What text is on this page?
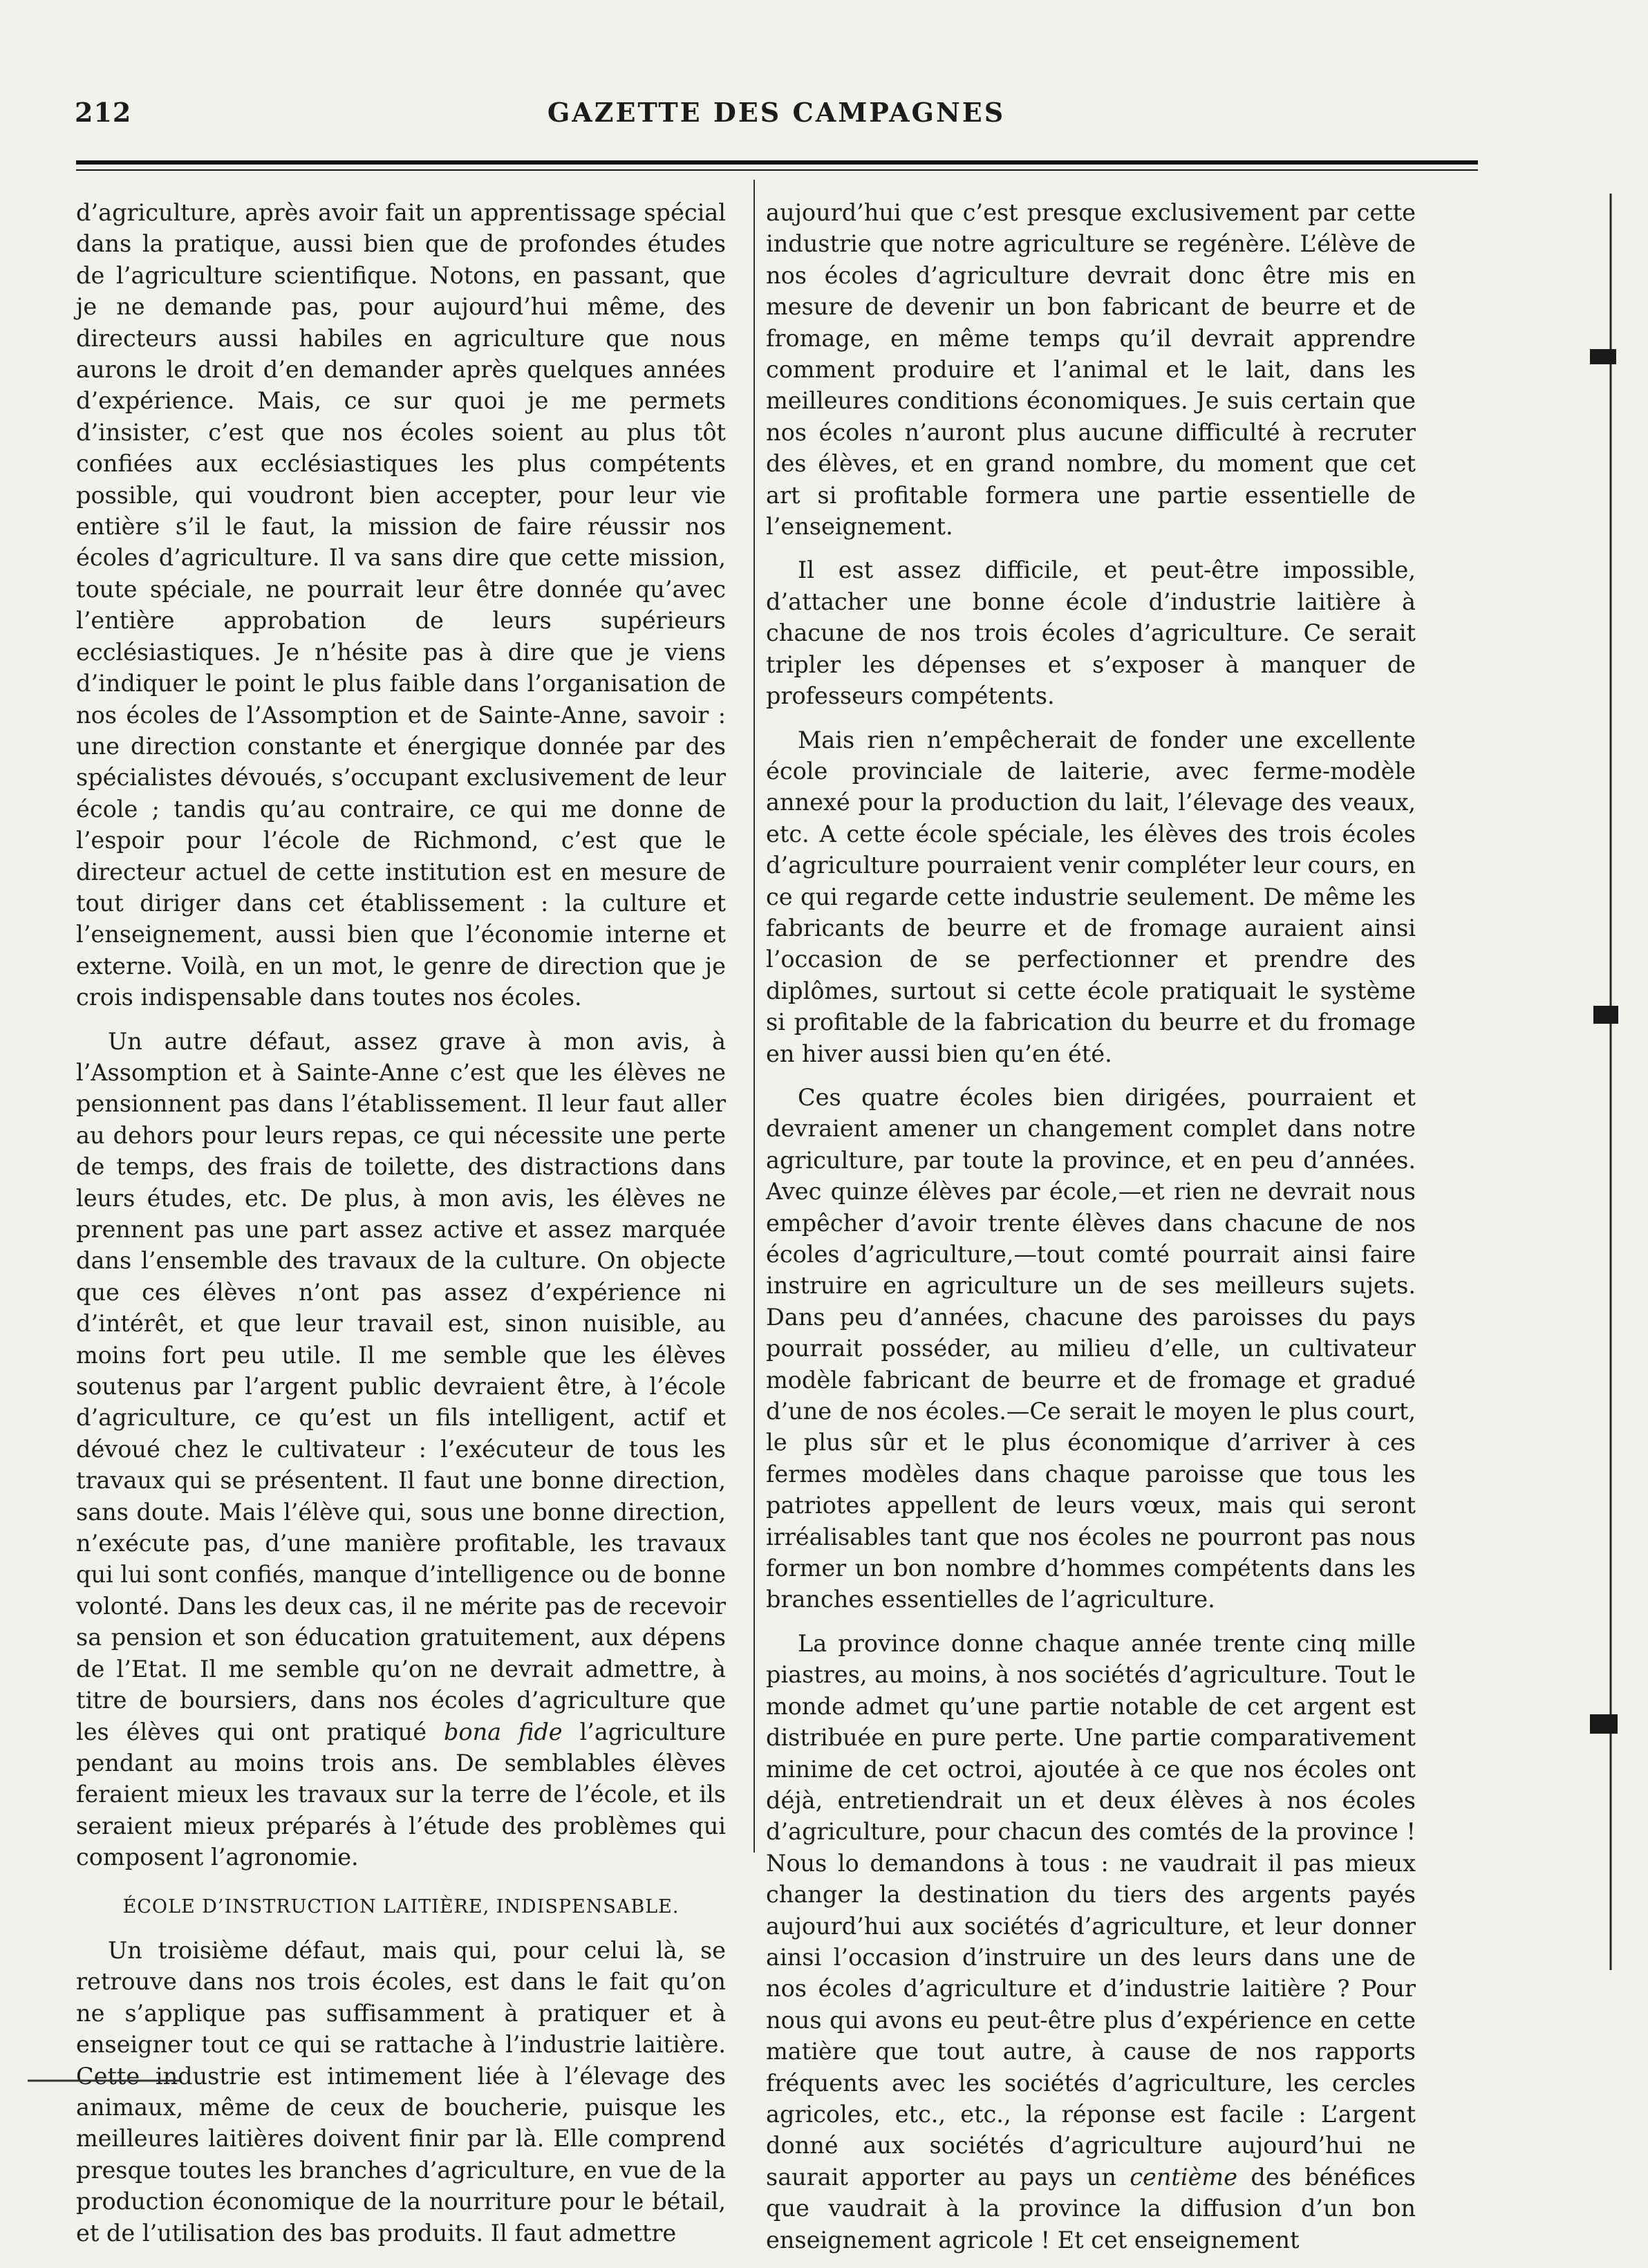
212	GAZETTE DES CAMPAGNES

d’agriculture, après avoir fait un apprentissage spécial dans la pratique, aussi bien que de profondes études de l’agriculture scientifique. Notons, en passant, que je ne demande pas, pour aujourd’hui même, des directeurs aussi habiles en agriculture que nous aurons le droit d’en demander après quelques années d’expérience. Mais, ce sur quoi je me permets d’insister, c’est que nos écoles soient au plus tôt confiées aux ecclésiastiques les plus compétents possible, qui voudront bien accepter, pour leur vie entière s’il le faut, la mission de faire réussir nos écoles d’agriculture. Il va sans dire que cette mission, toute spéciale, ne pourrait leur être donnée qu’avec l’entière approbation de leurs supérieurs ecclésiastiques. Je n’hésite pas à dire que je viens d’indiquer le point le plus faible dans l’organisation de nos écoles de l’Assomption et de Sainte-Anne, savoir : une direction constante et énergique donnée par des spécialistes dévoués, s’occupant exclusivement de leur école ; tandis qu’au contraire, ce qui me donne de l’espoir pour l’école de Richmond, c’est que le directeur actuel de cette institution est en mesure de tout diriger dans cet établissement : la culture et l’enseignement, aussi bien que l’économie interne et externe. Voilà, en un mot, le genre de direction que je crois indispensable dans toutes nos écoles.

Un autre défaut, assez grave à mon avis, à l’Assomption et à Sainte-Anne c’est que les élèves ne pensionnent pas dans l’établissement. Il leur faut aller au dehors pour leurs repas, ce qui nécessite une perte de temps, des frais de toilette, des distractions dans leurs études, etc. De plus, à mon avis, les élèves ne prennent pas une part assez active et assez marquée dans l’ensemble des travaux de la culture. On objecte que ces élèves n’ont pas assez d’expérience ni d’intérêt, et que leur travail est, sinon nuisible, au moins fort peu utile. Il me semble que les élèves soutenus par l’argent public devraient être, à l’école d’agriculture, ce qu’est un fils intelligent, actif et dévoué chez le cultivateur : l’exécuteur de tous les travaux qui se présentent. Il faut une bonne direction, sans doute. Mais l’élève qui, sous une bonne direction, n’exécute pas, d’une manière profitable, les travaux qui lui sont confiés, manque d’intelligence ou de bonne volonté. Dans les deux cas, il ne mérite pas de recevoir sa pension et son éducation gratuitement, aux dépens de l’Etat. Il me semble qu’on ne devrait admettre, à titre de boursiers, dans nos écoles d’agriculture que les élèves qui ont pratiqué bona fide l’agriculture pendant au moins trois ans. De semblables élèves feraient mieux les travaux sur la terre de l’école, et ils seraient mieux préparés à l’étude des problèmes qui composent l’agronomie.

ÉCOLE D’INSTRUCTION LAITIÈRE, INDISPENSABLE.

Un troisième défaut, mais qui, pour celui là, se retrouve dans nos trois écoles, est dans le fait qu’on ne s’applique pas suffisamment à pratiquer et à enseigner tout ce qui se rattache à l’industrie laitière. Cette industrie est intimement liée à l’élevage des animaux, même de ceux de boucherie, puisque les meilleures laitières doivent finir par là. Elle comprend presque toutes les branches d’agriculture, en vue de la production économique de la nourriture pour le bétail, et de l’utilisation des bas produits. Il faut admettre

aujourd’hui que c’est presque exclusivement par cette industrie que notre agriculture se regénère. L’élève de nos écoles d’agriculture devrait donc être mis en mesure de devenir un bon fabricant de beurre et de fromage, en même temps qu’il devrait apprendre comment produire et l’animal et le lait, dans les meilleures conditions économiques. Je suis certain que nos écoles n’auront plus aucune difficulté à recruter des élèves, et en grand nombre, du moment que cet art si profitable formera une partie essentielle de l’enseignement.

Il est assez difficile, et peut-être impossible, d’attacher une bonne école d’industrie laitière à chacune de nos trois écoles d’agriculture. Ce serait tripler les dépenses et s’exposer à manquer de professeurs compétents.

Mais rien n’empêcherait de fonder une excellente école provinciale de laiterie, avec ferme-modèle annexé pour la production du lait, l’élevage des veaux, etc. A cette école spéciale, les élèves des trois écoles d’agriculture pourraient venir compléter leur cours, en ce qui regarde cette industrie seulement. De même les fabricants de beurre et de fromage auraient ainsi l’occasion de se perfectionner et prendre des diplômes, surtout si cette école pratiquait le système si profitable de la fabrication du beurre et du fromage en hiver aussi bien qu’en été.

Ces quatre écoles bien dirigées, pourraient et devraient amener un changement complet dans notre agriculture, par toute la province, et en peu d’années. Avec quinze élèves par école,—et rien ne devrait nous empêcher d’avoir trente élèves dans chacune de nos écoles d’agriculture,—tout comté pourrait ainsi faire instruire en agriculture un de ses meilleurs sujets. Dans peu d’années, chacune des paroisses du pays pourrait posséder, au milieu d’elle, un cultivateur modèle fabricant de beurre et de fromage et gradué d’une de nos écoles.—Ce serait le moyen le plus court, le plus sûr et le plus économique d’arriver à ces fermes modèles dans chaque paroisse que tous les patriotes appellent de leurs vœux, mais qui seront irréalisables tant que nos écoles ne pourront pas nous former un bon nombre d’hommes compétents dans les branches essentielles de l’agriculture.

La province donne chaque année trente cinq mille piastres, au moins, à nos sociétés d’agriculture. Tout le monde admet qu’une partie notable de cet argent est distribuée en pure perte. Une partie comparativement minime de cet octroi, ajoutée à ce que nos écoles ont déjà, entretiendrait un et deux élèves à nos écoles d’agriculture, pour chacun des comtés de la province ! Nous lo demandons à tous : ne vaudrait il pas mieux changer la destination du tiers des argents payés aujourd’hui aux sociétés d’agriculture, et leur donner ainsi l’occasion d’instruire un des leurs dans une de nos écoles d’agriculture et d’industrie laitière ? Pour nous qui avons eu peut-être plus d’expérience en cette matière que tout autre, à cause de nos rapports fréquents avec les sociétés d’agriculture, les cercles agricoles, etc., etc., la réponse est facile : L’argent donné aux sociétés d’agriculture aujourd’hui ne saurait apporter au pays un centième des bénéfices que vaudrait à la province la diffusion d’un bon enseignement agricole ! Et cet enseignement
